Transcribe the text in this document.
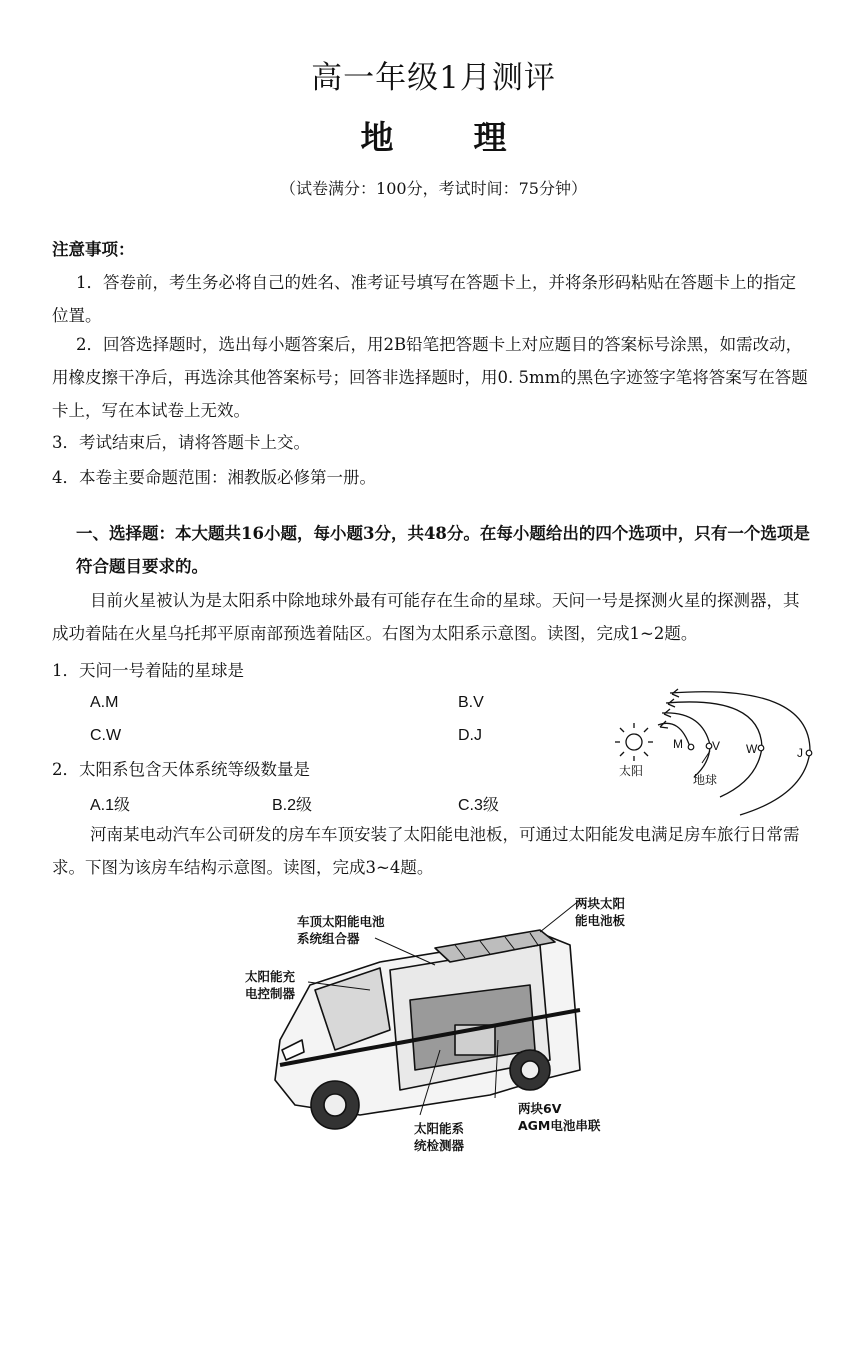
高一年级1月测评
地 理
（试卷满分：100分，考试时间：75分钟）
注意事项：
1．答卷前，考生务必将自己的姓名、准考证号填写在答题卡上，并将条形码粘贴在答题卡上的指定位置。
2．回答选择题时，选出每小题答案后，用2B铅笔把答题卡上对应题目的答案标号涂黑，如需改动，用橡皮擦干净后，再选涂其他答案标号；回答非选择题时，用0. 5mm的黑色字迹签字笔将答案写在答题卡上，写在本试卷上无效。
3．考试结束后，请将答题卡上交。
4．本卷主要命题范围：湘教版必修第一册。
一、选择题：本大题共16小题，每小题3分，共48分。在每小题给出的四个选项中，只有一个选项是符合题目要求的。
目前火星被认为是太阳系中除地球外最有可能存在生命的星球。天问一号是探测火星的探测器，其成功着陆在火星乌托邦平原南部预选着陆区。右图为太阳系示意图。读图，完成1~2题。
1．天问一号着陆的星球是
A.M	B.V
C.W	D.J
2．太阳系包含天体系统等级数量是
A.1级	B.2级	C.3级
河南某电动汽车公司研发的房车车顶安装了太阳能电池板，可通过太阳能发电满足房车旅行日常需求。下图为该房车结构示意图。读图，完成3~4题。
太阳
地球
M V W	J
车顶太阳能电池
系统组合器
两块太阳
能电池板
太阳能充
电控制器
两块6V
AGM电池串联
太阳能系
统检测器
